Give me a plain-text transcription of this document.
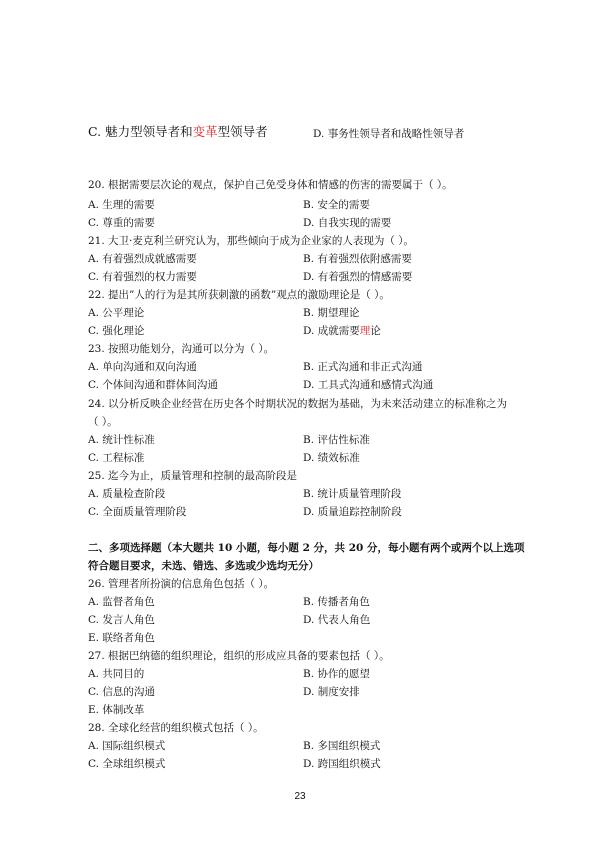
C. 魅力型领导者和变革型领导者	D. 事务性领导者和战略性领导者
20. 根据需要层次论的观点，保护自己免受身体和情感的伤害的需要属于（ ）。
A. 生理的需要	B. 安全的需要
C. 尊重的需要	D. 自我实现的需要
21. 大卫·麦克利兰研究认为，那些倾向于成为企业家的人表现为（ ）。
A. 有着强烈成就感需要	B. 有着强烈依附感需要
C. 有着强烈的权力需要	D. 有着强烈的情感需要
22. 提出”人的行为是其所获刺激的函数”观点的激励理论是（ ）。
A. 公平理论	B. 期望理论
C. 强化理论	D. 成就需要理论
23. 按照功能划分，沟通可以分为（ ）。
A. 单向沟通和双向沟通	B. 正式沟通和非正式沟通
C. 个体间沟通和群体间沟通	D. 工具式沟通和感情式沟通
24. 以分析反映企业经营在历史各个时期状况的数据为基础，为未来活动建立的标准称之为
（ ）。
A. 统计性标准	B. 评估性标准
C. 工程标准	D. 绩效标准
25. 迄今为止，质量管理和控制的最高阶段是
A. 质量检查阶段	B. 统计质量管理阶段
C. 全面质量管理阶段	D. 质量追踪控制阶段
二、多项选择题（本大题共 10 小题，每小题 2 分，共 20 分，每小题有两个或两个以上选项
符合题目要求，未选、错选、多选或少选均无分）
26. 管理者所扮演的信息角色包括（ ）。
A. 监督者角色	B. 传播者角色
C. 发言人角色	D. 代表人角色
E. 联络者角色
27. 根据巴纳德的组织理论，组织的形成应具备的要素包括（ ）。
A. 共同目的	B. 协作的愿望
C. 信息的沟通	D. 制度安排
E. 体制改革
28. 全球化经营的组织模式包括（ ）。
A. 国际组织模式	B. 多国组织模式
C. 全球组织模式	D. 跨国组织模式
23
